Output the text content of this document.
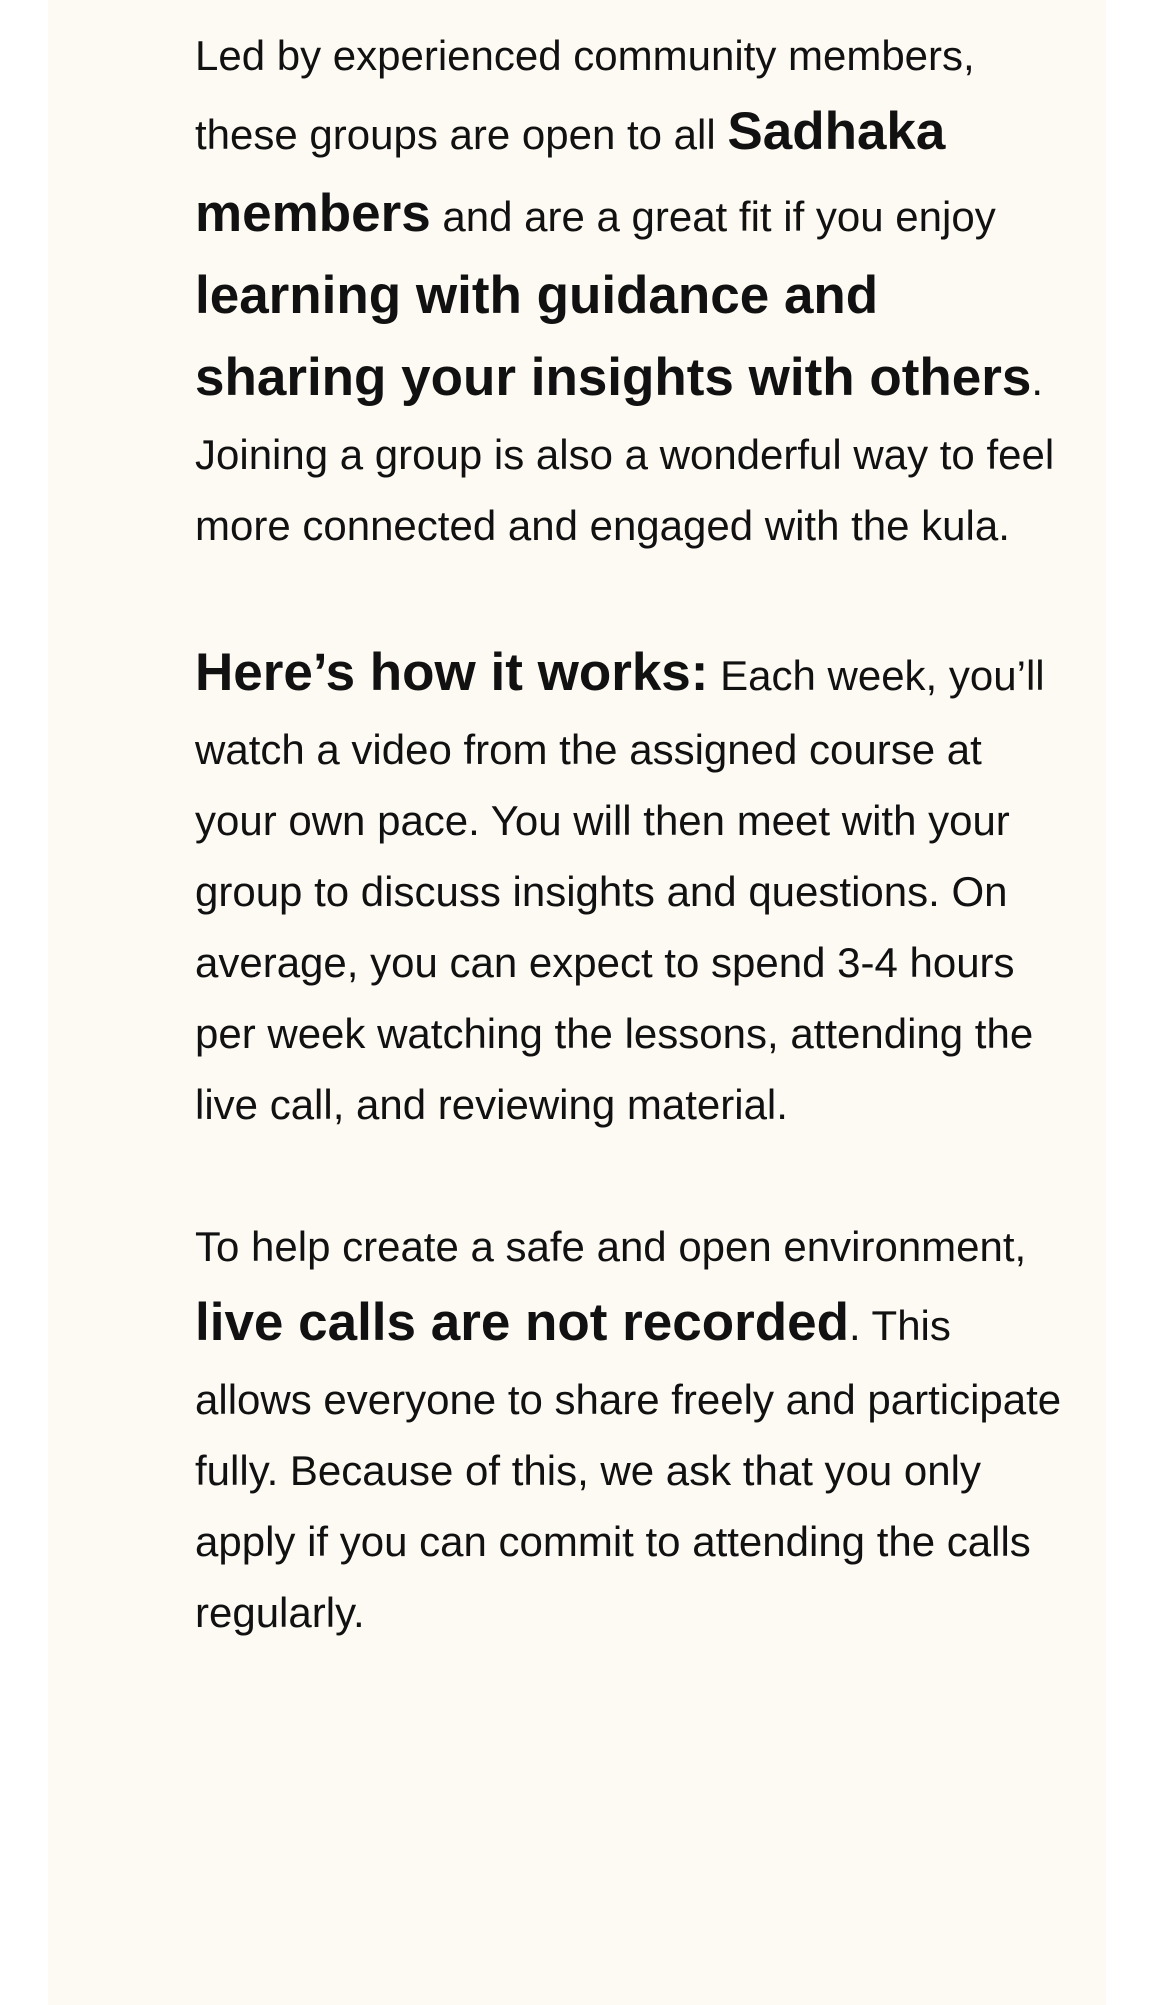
Led by experienced community members, these groups are open to all Sadhaka members and are a great fit if you enjoy learning with guidance and sharing your insights with others. Joining a group is also a wonderful way to feel more connected and engaged with the kula.

Here’s how it works: Each week, you’ll watch a video from the assigned course at your own pace. You will then meet with your group to discuss insights and questions. On average, you can expect to spend 3-4 hours per week watching the lessons, attending the live call, and reviewing material.

To help create a safe and open environment, live calls are not recorded. This allows everyone to share freely and participate fully. Because of this, we ask that you only apply if you can commit to attending the calls regularly.
